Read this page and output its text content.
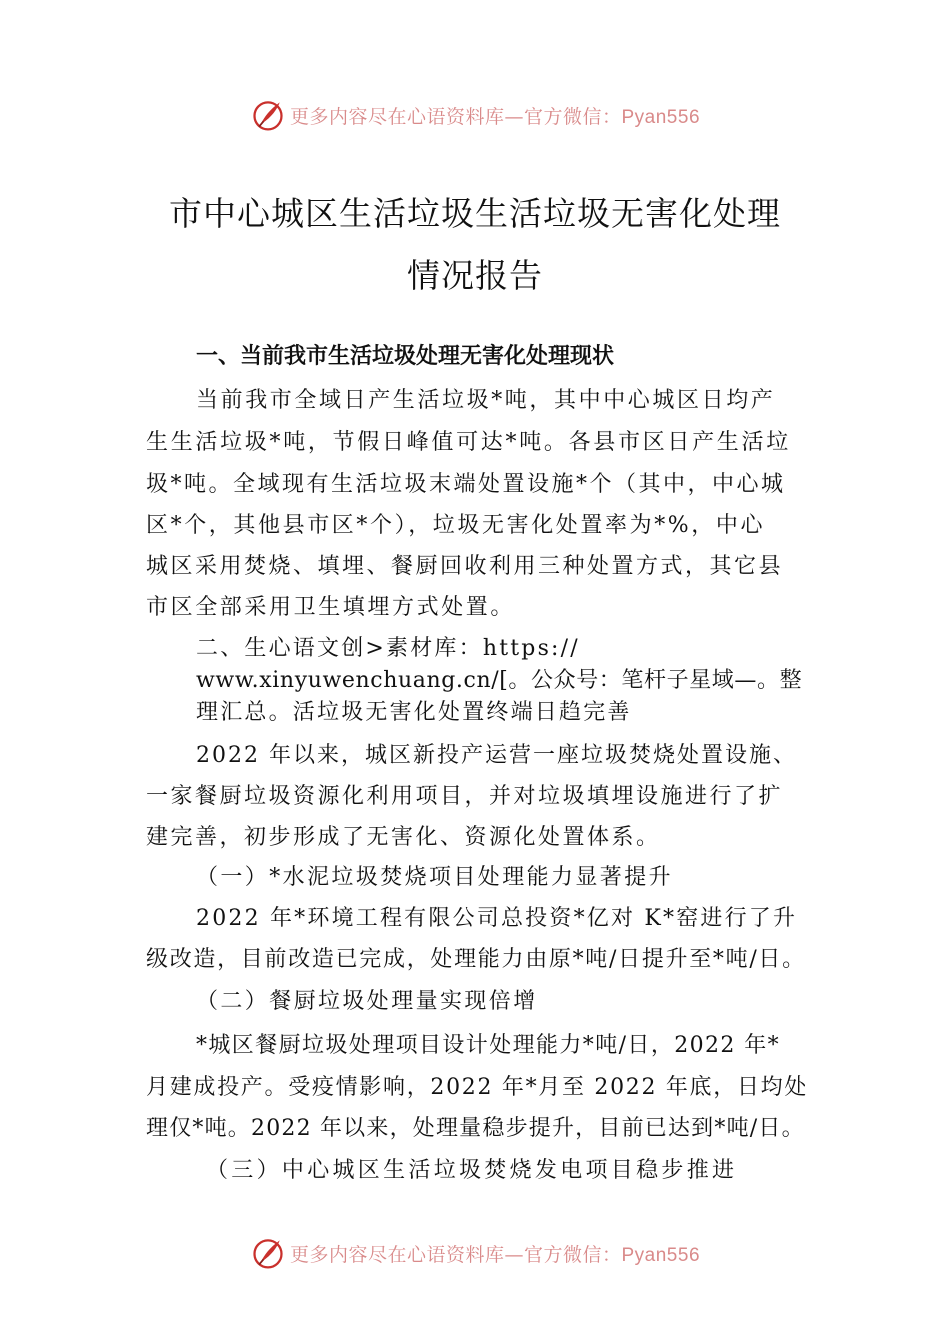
更多内容尽在心语资料库—官方微信：Pyan556
市中心城区生活垃圾生活垃圾无害化处理
情况报告
一、当前我市生活垃圾处理无害化处理现状
当前我市全域日产生活垃圾*吨，其中中心城区日均产
生生活垃圾*吨，节假日峰值可达*吨。各县市区日产生活垃
圾*吨。全域现有生活垃圾末端处置设施*个（其中，中心城
区*个，其他县市区*个），垃圾无害化处置率为*%，中心
城区采用焚烧、填埋、餐厨回收利用三种处置方式，其它县
市区全部采用卫生填埋方式处置。
二、生心语文创>素材库：https://
www.xinyuwenchuang.cn/[。公众号：笔杆子星域—。整
理汇总。活垃圾无害化处置终端日趋完善
2022 年以来，城区新投产运营一座垃圾焚烧处置设施、
一家餐厨垃圾资源化利用项目，并对垃圾填埋设施进行了扩
建完善，初步形成了无害化、资源化处置体系。
（一）*水泥垃圾焚烧项目处理能力显著提升
2022 年*环境工程有限公司总投资*亿对 K*窑进行了升
级改造，目前改造已完成，处理能力由原*吨/日提升至*吨/日。
（二）餐厨垃圾处理量实现倍增
*城区餐厨垃圾处理项目设计处理能力*吨/日，2022 年*
月建成投产。受疫情影响，2022 年*月至 2022 年底，日均处
理仅*吨。2022 年以来，处理量稳步提升，目前已达到*吨/日。
（三）中心城区生活垃圾焚烧发电项目稳步推进
更多内容尽在心语资料库—官方微信：Pyan556
